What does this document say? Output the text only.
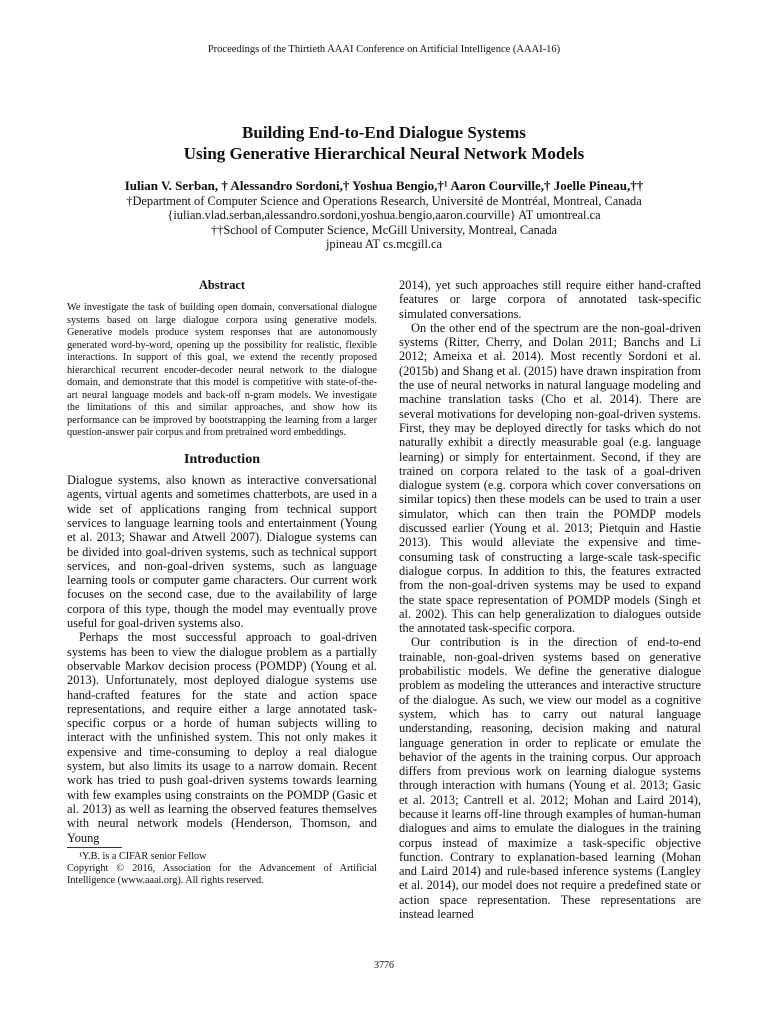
Proceedings of the Thirtieth AAAI Conference on Artificial Intelligence (AAAI-16)
Building End-to-End Dialogue Systems
Using Generative Hierarchical Neural Network Models
Iulian V. Serban, † Alessandro Sordoni,† Yoshua Bengio,†¹ Aaron Courville,† Joelle Pineau,††
†Department of Computer Science and Operations Research, Université de Montréal, Montreal, Canada
{iulian.vlad.serban,alessandro.sordoni,yoshua.bengio,aaron.courville} AT umontreal.ca
††School of Computer Science, McGill University, Montreal, Canada
jpineau AT cs.mcgill.ca
Abstract

We investigate the task of building open domain, conversational dialogue systems based on large dialogue corpora using generative models. Generative models produce system responses that are autonomously generated word-by-word, opening up the possibility for realistic, flexible interactions. In support of this goal, we extend the recently proposed hierarchical recurrent encoder-decoder neural network to the dialogue domain, and demonstrate that this model is competitive with state-of-the-art neural language models and back-off n-gram models. We investigate the limitations of this and similar approaches, and show how its performance can be improved by bootstrapping the learning from a larger question-answer pair corpus and from pretrained word embeddings.

Introduction

Dialogue systems, also known as interactive conversational agents, virtual agents and sometimes chatterbots, are used in a wide set of applications ranging from technical support services to language learning tools and entertainment (Young et al. 2013; Shawar and Atwell 2007). Dialogue systems can be divided into goal-driven systems, such as technical support services, and non-goal-driven systems, such as language learning tools or computer game characters. Our current work focuses on the second case, due to the availability of large corpora of this type, though the model may eventually prove useful for goal-driven systems also.

Perhaps the most successful approach to goal-driven systems has been to view the dialogue problem as a partially observable Markov decision process (POMDP) (Young et al. 2013). Unfortunately, most deployed dialogue systems use hand-crafted features for the state and action space representations, and require either a large annotated task-specific corpus or a horde of human subjects willing to interact with the unfinished system. This not only makes it expensive and time-consuming to deploy a real dialogue system, but also limits its usage to a narrow domain. Recent work has tried to push goal-driven systems towards learning with few examples using constraints on the POMDP (Gasic et al. 2013) as well as learning the observed features themselves with neural network models (Henderson, Thomson, and Young

¹Y.B. is a CIFAR senior Fellow

Copyright © 2016, Association for the Advancement of Artificial Intelligence (www.aaai.org). All rights reserved.

2014), yet such approaches still require either hand-crafted features or large corpora of annotated task-specific simulated conversations.

On the other end of the spectrum are the non-goal-driven systems (Ritter, Cherry, and Dolan 2011; Banchs and Li 2012; Ameixa et al. 2014). Most recently Sordoni et al. (2015b) and Shang et al. (2015) have drawn inspiration from the use of neural networks in natural language modeling and machine translation tasks (Cho et al. 2014). There are several motivations for developing non-goal-driven systems. First, they may be deployed directly for tasks which do not naturally exhibit a directly measurable goal (e.g. language learning) or simply for entertainment. Second, if they are trained on corpora related to the task of a goal-driven dialogue system (e.g. corpora which cover conversations on similar topics) then these models can be used to train a user simulator, which can then train the POMDP models discussed earlier (Young et al. 2013; Pietquin and Hastie 2013). This would alleviate the expensive and time-consuming task of constructing a large-scale task-specific dialogue corpus. In addition to this, the features extracted from the non-goal-driven systems may be used to expand the state space representation of POMDP models (Singh et al. 2002). This can help generalization to dialogues outside the annotated task-specific corpora.

Our contribution is in the direction of end-to-end trainable, non-goal-driven systems based on generative probabilistic models. We define the generative dialogue problem as modeling the utterances and interactive structure of the dialogue. As such, we view our model as a cognitive system, which has to carry out natural language understanding, reasoning, decision making and natural language generation in order to replicate or emulate the behavior of the agents in the training corpus. Our approach differs from previous work on learning dialogue systems through interaction with humans (Young et al. 2013; Gasic et al. 2013; Cantrell et al. 2012; Mohan and Laird 2014), because it learns off-line through examples of human-human dialogues and aims to emulate the dialogues in the training corpus instead of maximize a task-specific objective function. Contrary to explanation-based learning (Mohan and Laird 2014) and rule-based inference systems (Langley et al. 2014), our model does not require a predefined state or action space representation. These representations are instead learned

3776
